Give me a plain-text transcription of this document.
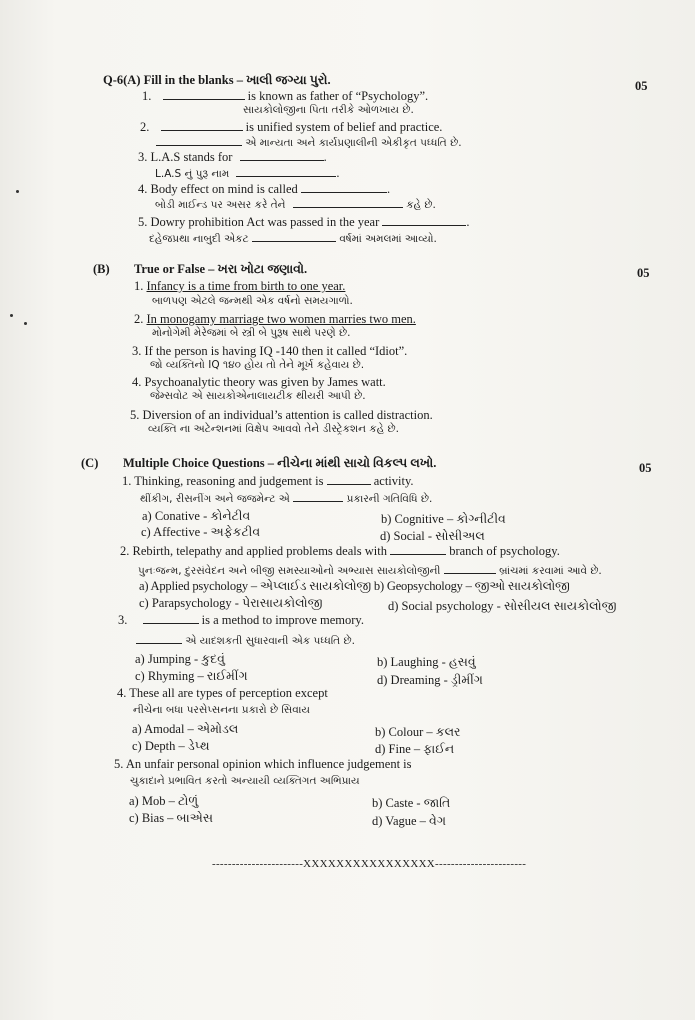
Q-6(A) Fill in the blanks – ખાલી જગ્યા પુરો.	05
1.	is known as father of “Psychology”.
સાયકોલોજીના પિતા તરીકે ઓળખાય છે.
2.	is unified system of belief and practice.
એ માન્યતા અને કાર્યપ્રણાલીની એકીકૃત પધ્ધતિ છે.
3. L.A.S stands for	.
L.A.S નું પુરૂ નામ	.
4. Body effect on mind is called	.
બોડી માઈન્ડ પર અસર કરે તેને	કહે છે.
5. Dowry prohibition Act was passed in the year	.
દહેજપ્રથા નાબુદી એકટ	વર્ષમાં અમલમાં આવ્યો.
(B) True or False – ખરા ખોટા જણાવો.	05
1. Infancy is a time from birth to one year.
બાળપણ એટલે જન્મથી એક વર્ષનો સમયગાળો.
2. In monogamy marriage two women marries two men.
મોનોગેમી મેરેજમાં બે સ્ત્રી બે પુરૂષ સાથે પરણે છે.
3. If the person is having IQ -140 then it called “Idiot”.
જો વ્યક્તિનો IQ ૧૪૦ હોય તો તેને મૂર્ખ કહેવાય છે.
4. Psychoanalytic theory was given by James watt.
જેમ્સવોટ એ સાયકોએનાલાયટીક થીયરી આપી છે.
5. Diversion of an individual’s attention is called distraction.
વ્યક્તિ ના અટેન્શનમાં વિક્ષેપ આવવો તેને ડીસ્ટ્રેકશન કહે છે.
(C) Multiple Choice Questions – નીચેના માંથી સાચો વિકલ્પ લખો.	05
1. Thinking, reasoning and judgement is	activity.
થીંકીગ, રીસનીંગ અને જજમેન્ટ એ	પ્રકારની ગતિવિધિ છે.
a) Conative - કોનેટીવ	b) Cognitive – કોગ્નીટીવ
c) Affective - અફેકટીવ	d) Social - સોસીઅલ
2. Rebirth, telepathy and applied problems deals with	branch of psychology.
પુનઃજન્મ, દુરસંવેદન અને બીજી સમસ્યાઓનો અભ્યાસ સાયકોલોજીની	બ્રાંચમાં કરવામાં આવે છે.
a) Applied psychology – એપ્લાઈડ સાયકોલોજી b) Geopsychology – જીઓ સાયકોલોજી
c) Parapsychology - પેરાસાયકોલોજી	d) Social psychology - સોસીયલ સાયકોલોજી
3.	is a method to improve memory.
એ યાદશકતી સુધારવાની એક પધ્ધતિ છે.
a) Jumping - કુદવું	b) Laughing - હસવું
c) Rhyming – રાઈમીંગ	d) Dreaming - ડ્રીમીંગ
4. These all are types of perception except
નીચેના બધા પરસેપ્સનના પ્રકારો છે સિવાય
a) Amodal – એમોડલ	b) Colour – કલર
c) Depth – ડેપ્થ	d) Fine – ફાઈન
5. An unfair personal opinion which influence judgement is
ચુકાદાને પ્રભાવિત કરતો અન્યાયી વ્યક્તિગત અભિપ્રાય
a) Mob – ટોળું	b) Caste - જાતિ
c) Bias – બાએસ	d) Vague – વેગ
-----------------------XXXXXXXXXXXXXXXX-----------------------
